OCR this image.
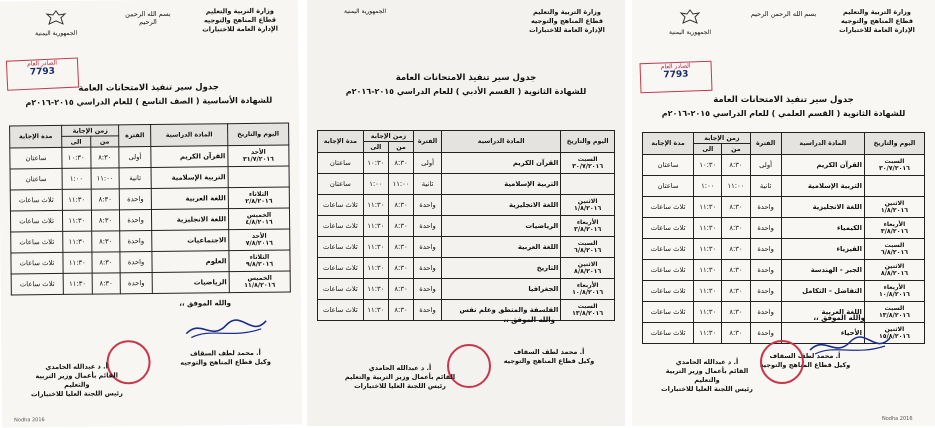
وزارة التربية والتعليم
قطاع المناهج والتوجيه
الإدارة العامة للاختبارات
بسم الله الرحمن الرحيم
الجمهورية اليمنية
الصادر العام
7793
جدول سير تنفيذ الامتحانات العامة
للشهادة الأساسية ( الصف التاسع ) للعام الدراسي ٢٠١٥-٢٠١٦م
اليوم والتاريخ	المادة الدراسية	الفترة	زمن الإجابة		مدة الإجابة
			من	الى	

الأحد
٣١/٧/٢٠١٦	القرآن الكريم	أولى	٨:٣٠	١٠:٣٠	ساعتان

	التربية الإسلامية	ثانية	١١:٠٠	١:٠٠	ساعتان

الثلاثاء
٢/٨/٢٠١٦	اللغة العربية	واحدة	٨:٣٠	١١:٣٠	ثلاث ساعات

الخميس
٤/٨/٢٠١٦	اللغة الانجليزية	واحدة	٨:٣٠	١١:٣٠	ثلاث ساعات

الأحد
٧/٨/٢٠١٦	الاجتماعيات	واحدة	٨:٣٠	١١:٣٠	ثلاث ساعات

الثلاثاء
٩/٨/٢٠١٦	العلوم	واحدة	٨:٣٠	١١:٣٠	ثلاث ساعات

الخميس
١١/٨/٢٠١٦	الرياضيات	واحدة	٨:٣٠	١١:٣٠	ثلاث ساعات
والله الموفق ،،
أ. محمد لطف السقاف
وكيل قطاع المناهج والتوجيه
أ. د عبدالله الحامدي
القائم بأعمال وزير التربية والتعليم
رئيس اللجنة العليا للاختبارات
Nodha 2016
وزارة التربية والتعليم
قطاع المناهج والتوجيه
الإدارة العامة للاختبارات
الجمهورية اليمنية
جدول سير تنفيذ الامتحانات العامة
للشهادة الثانوية ( القسم الأدبي ) للعام الدراسي ٢٠١٥-٢٠١٦م
اليوم والتاريخ	المادة الدراسية	الفترة	زمن الإجابة		مدة الإجابة
			من	الى	

السبت
٣٠/٧/٢٠١٦	القرآن الكريم	أولى	٨:٣٠	١٠:٣٠	ساعتان

	التربية الإسلامية	ثانية	١١:٠٠	١:٠٠	ساعتان

الاثنين
١/٨/٢٠١٦	اللغة الانجليزية	واحدة	٨:٣٠	١١:٣٠	ثلاث ساعات

الأربعاء
٣/٨/٢٠١٦	الرياضيات	واحدة	٨:٣٠	١١:٣٠	ثلاث ساعات

السبت
٦/٨/٢٠١٦	اللغة العربية	واحدة	٨:٣٠	١١:٣٠	ثلاث ساعات

الاثنين
٨/٨/٢٠١٦	التاريخ	واحدة	٨:٣٠	١١:٣٠	ثلاث ساعات

الأربعاء
١٠/٨/٢٠١٦	الجغرافيا	واحدة	٨:٣٠	١١:٣٠	ثلاث ساعات

السبت
١٣/٨/٢٠١٦	الفلسفة والمنطق وعلم نفس	واحدة	٨:٣٠	١١:٣٠	ثلاث ساعات
والله الموفق ،،
أ. محمد لطف السقاف
وكيل قطاع المناهج والتوجيه
أ. د عبدالله الحامدي
القائم بأعمال وزير التربية والتعليم
رئيس اللجنة العليا للاختبارات
وزارة التربية والتعليم
قطاع المناهج والتوجيه
الإدارة العامة للاختبارات
بسم الله الرحمن الرحيم
الجمهورية اليمنية
الصادر العام
7793
جدول سير تنفيذ الامتحانات العامة
للشهادة الثانوية ( القسم العلمي ) للعام الدراسي ٢٠١٥-٢٠١٦م
اليوم والتاريخ	المادة الدراسية	الفترة	زمن الإجابة		مدة الإجابة
			من	الى	

السبت
٣٠/٧/٢٠١٦	القرآن الكريم	أولى	٨:٣٠	١٠:٣٠	ساعتان

	التربية الإسلامية	ثانية	١١:٠٠	١:٠٠	ساعتان

الاثنين
١/٨/٢٠١٦	اللغة الانجليزية	واحدة	٨:٣٠	١١:٣٠	ثلاث ساعات

الأربعاء
٣/٨/٢٠١٦	الكيمياء	واحدة	٨:٣٠	١١:٣٠	ثلاث ساعات

السبت
٦/٨/٢٠١٦	الفيزياء	واحدة	٨:٣٠	١١:٣٠	ثلاث ساعات

الاثنين
٨/٨/٢٠١٦	الجبر - الهندسة	واحدة	٨:٣٠	١١:٣٠	ثلاث ساعات

الأربعاء
١٠/٨/٢٠١٦	التفاضل - التكامل	واحدة	٨:٣٠	١١:٣٠	ثلاث ساعات

السبت
١٣/٨/٢٠١٦	اللغة العربية	واحدة	٨:٣٠	١١:٣٠	ثلاث ساعات

الاثنين
١٥/٨/٢٠١٦	الأحياء	واحدة	٨:٣٠	١١:٣٠	ثلاث ساعات
والله الموفق ،،
أ. محمد لطف السقاف
وكيل قطاع المناهج والتوجيه
أ. د عبدالله الحامدي
القائم بأعمال وزير التربية والتعليم
رئيس اللجنة العليا للاختبارات
Nodha 2016
